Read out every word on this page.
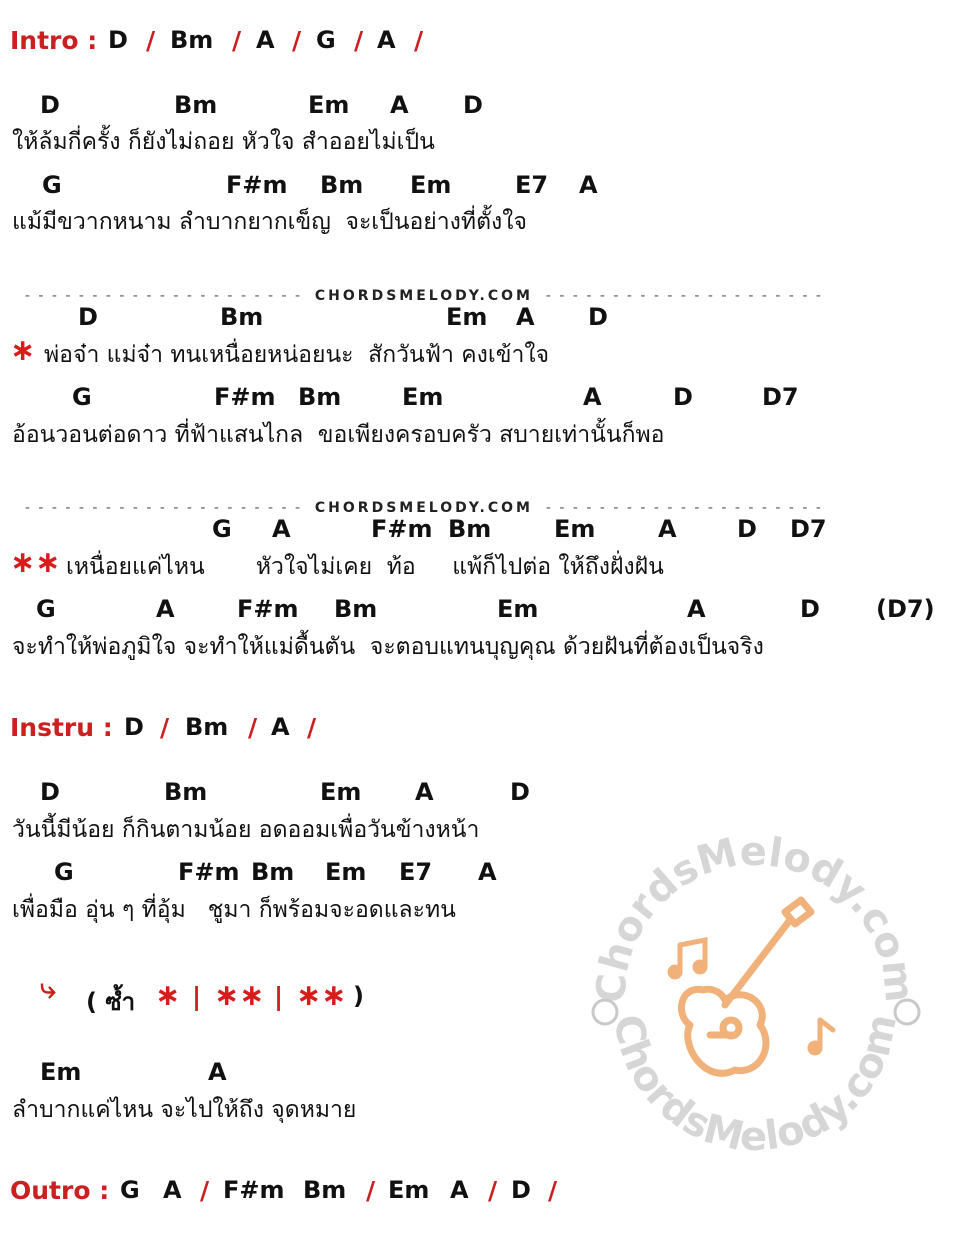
Intro : D / Bm / A / G / A /
D	Bm	Em A D
ให้ล้มกี่ครั้ง ก็ยังไม่ถอย หัวใจ สำออยไม่เป็น
G	F#m Bm Em	E7 A
แม้มีขวากหนาม ลำบากยากเข็ญ  จะเป็นอย่างที่ตั้งใจ

- - - - - - - - - - - - - - - - - - - - - CHORDSMELODY.COM - - - - - - - - - - - - - - - - - - - - -

D	Bm	Em A D
∗ พ่อจ๋า แม่จ๋า ทนเหนื่อยหน่อยนะ  สักวันฟ้า คงเข้าใจ
G	F#m Bm	Em	A	D	D7
อ้อนวอนต่อดาว ที่ฟ้าแสนไกล  ขอเพียงครอบครัว สบายเท่านั้นก็พอ

- - - - - - - - - - - - - - - - - - - - - CHORDSMELODY.COM - - - - - - - - - - - - - - - - - - - - -

G A	F#m Bm	Em	A	D D7
∗∗ เหนื่อยแค่ไหน       หัวใจไม่เคย  ท้อ     แพ้ก็ไปต่อ ให้ถึงฝั่งฝัน
G	A	F#m Bm	Em	A	D (D7)
จะทำให้พ่อภูมิใจ จะทำให้แม่ดื้นตัน  จะตอบแทนบุญคุณ ด้วยฝันที่ต้องเป็นจริง
Instru : D / Bm / A /
D	Bm	Em A	D
วันนี้มีน้อย ก็กินตามน้อย อดออมเพื่อวันข้างหน้า
G	F#m Bm Em E7 A
เพื่อมือ อุ่น ๆ ที่อุ้ม   ชูมา ก็พร้อมจะอดและทน
⤷ ( ซ้ำ ∗ | ∗∗ | ∗∗ )
Em	A
ลำบากแค่ไหน จะไปให้ถึง จุดหมาย
Outro : G A / F#m Bm / Em A / D /
ChordsMelody.com
ChordsMelody.com
